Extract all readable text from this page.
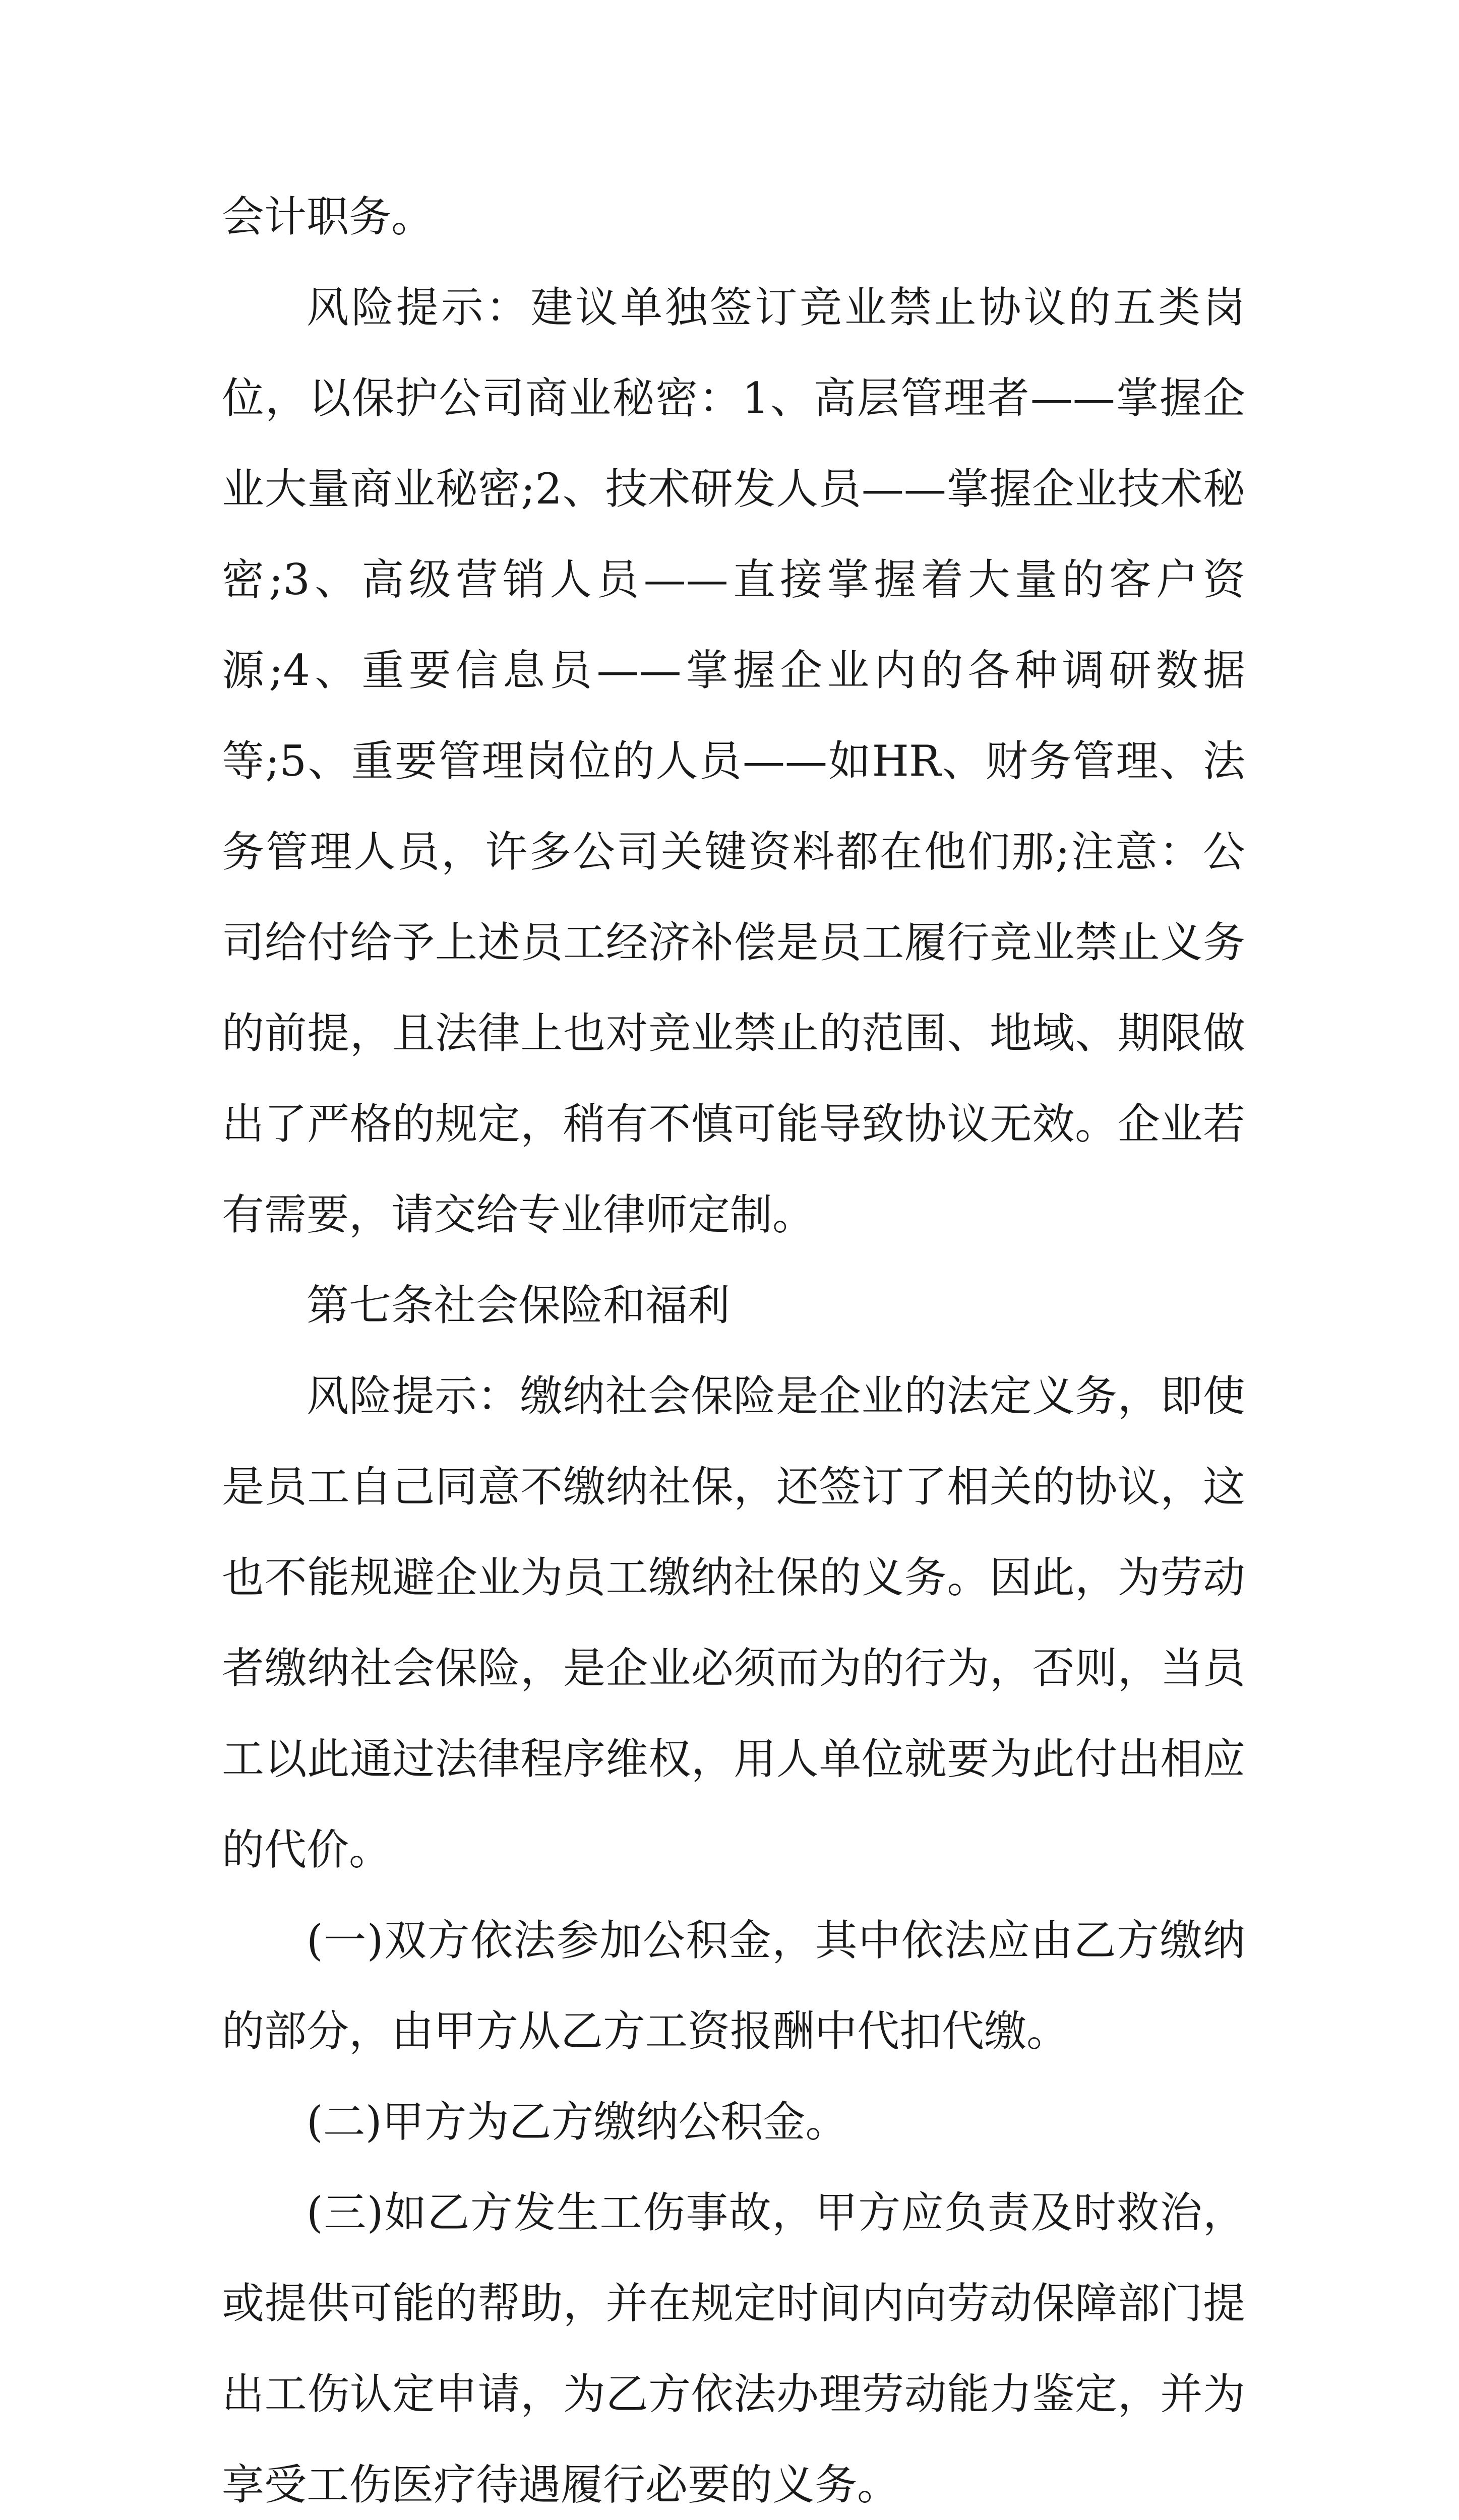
会计职务。

风险提示：建议单独签订竞业禁止协议的五类岗位，以保护公司商业秘密：1、高层管理者——掌握企业大量商业秘密;2、技术研发人员——掌握企业技术秘密;3、高级营销人员——直接掌握着大量的客户资源;4、重要信息员——掌握企业内的各种调研数据等;5、重要管理岗位的人员——如HR、财务管理、法务管理人员，许多公司关键资料都在他们那;注意：公司给付给予上述员工经济补偿是员工履行竞业禁止义务的前提，且法律上也对竞业禁止的范围、地域、期限做出了严格的规定，稍有不慎可能导致协议无效。企业若有需要，请交给专业律师定制。

第七条社会保险和福利

风险提示：缴纳社会保险是企业的法定义务，即使是员工自己同意不缴纳社保，还签订了相关的协议，这也不能规避企业为员工缴纳社保的义务。因此，为劳动者缴纳社会保险，是企业必须而为的行为，否则，当员工以此通过法律程序维权，用人单位就要为此付出相应的代价。

(一)双方依法参加公积金，其中依法应由乙方缴纳的部分，由甲方从乙方工资报酬中代扣代缴。

(二)甲方为乙方缴纳公积金。

(三)如乙方发生工伤事故，甲方应负责及时救治，或提供可能的帮助，并在规定时间内向劳动保障部门提出工伤认定申请，为乙方依法办理劳动能力鉴定，并为享受工伤医疗待遇履行必要的义务。
